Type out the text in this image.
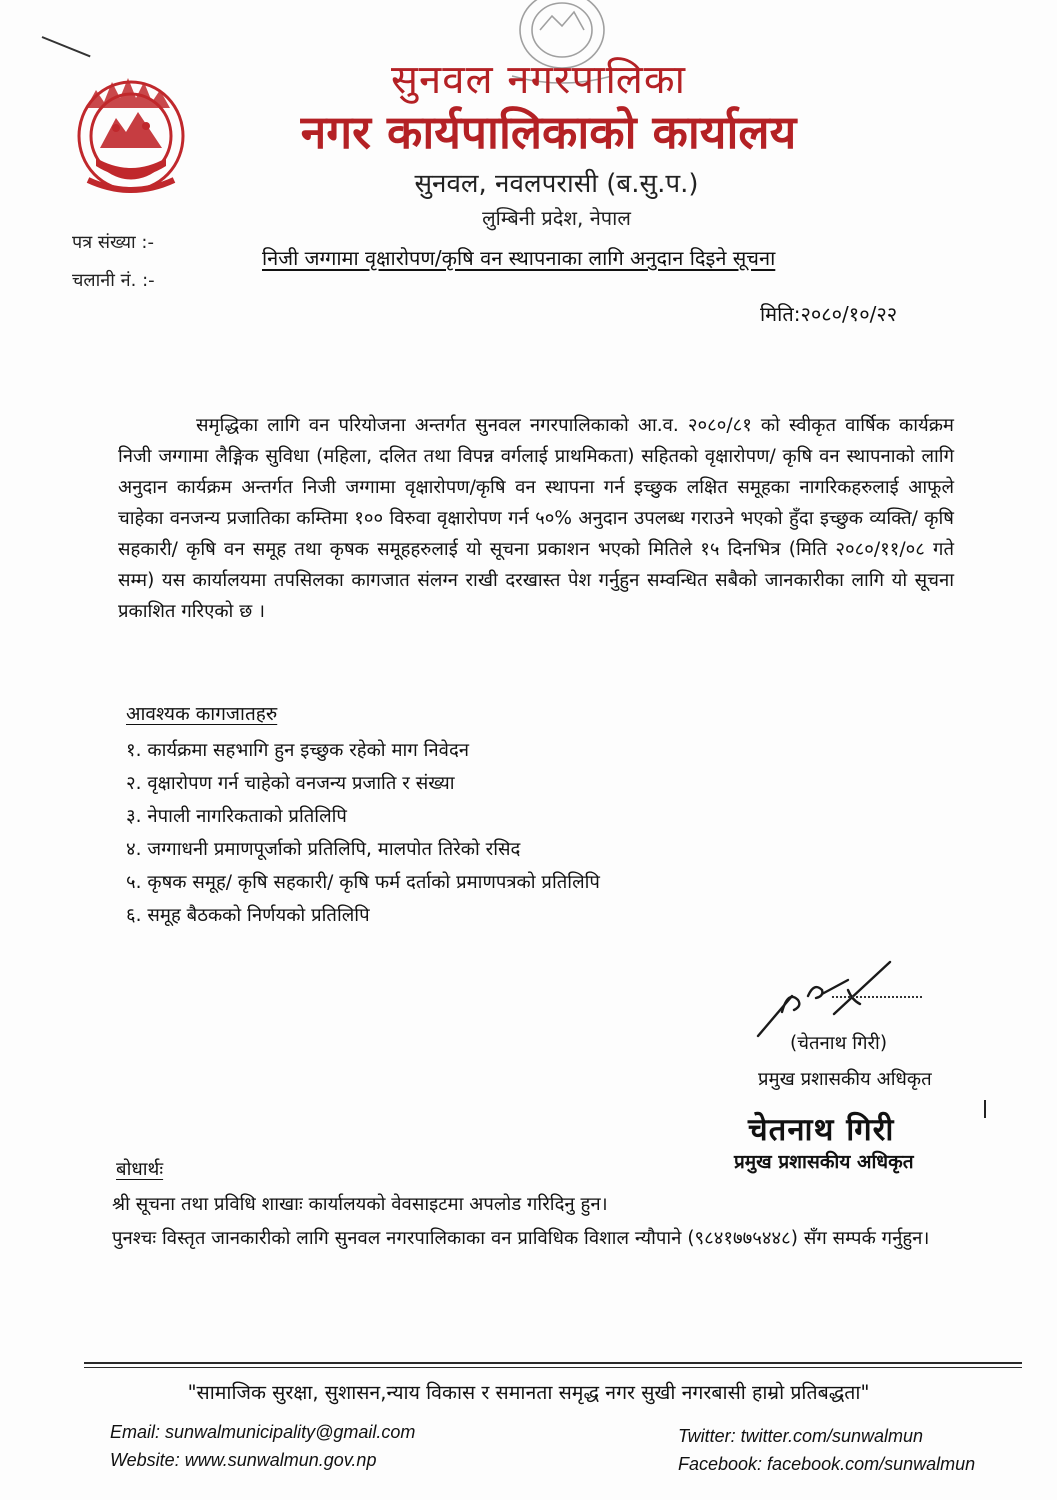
सुनवल नगरपालिका
नगर कार्यपालिकाको कार्यालय
सुनवल, नवलपरासी (ब.सु.प.)
लुम्बिनी प्रदेश, नेपाल
पत्र संख्या :-
चलानी नं. :-
निजी जग्गामा वृक्षारोपण/कृषि वन स्थापनाका लागि अनुदान दिइने सूचना
मिति:२०८०/१०/२२
समृद्धिका लागि वन परियोजना अन्तर्गत सुनवल नगरपालिकाको आ.व. २०८०/८१ को स्वीकृत वार्षिक कार्यक्रम निजी जग्गामा लैङ्गिक सुविधा (महिला, दलित तथा विपन्न वर्गलाई प्राथमिकता) सहितको वृक्षारोपण/ कृषि वन स्थापनाको लागि अनुदान कार्यक्रम अन्तर्गत निजी जग्गामा वृक्षारोपण/कृषि वन स्थापना गर्न इच्छुक लक्षित समूहका नागरिकहरुलाई आफूले चाहेका वनजन्य प्रजातिका कम्तिमा १०० विरुवा वृक्षारोपण गर्न ५०% अनुदान उपलब्ध गराउने भएको हुँदा इच्छुक व्यक्ति/ कृषि सहकारी/ कृषि वन समूह तथा कृषक समूहहरुलाई यो सूचना प्रकाशन भएको मितिले १५ दिनभित्र (मिति २०८०/११/०८ गते सम्म) यस कार्यालयमा तपसिलका कागजात संलग्न राखी दरखास्त पेश गर्नुहुन सम्वन्धित सबैको जानकारीका लागि यो सूचना प्रकाशित गरिएको छ ।
आवश्यक कागजातहरु
१. कार्यक्रमा सहभागि हुन इच्छुक रहेको माग निवेदन
२. वृक्षारोपण गर्न चाहेको वनजन्य प्रजाति र संख्या
३. नेपाली नागरिकताको प्रतिलिपि
४. जग्गाधनी प्रमाणपूर्जाको प्रतिलिपि, मालपोत तिरेको रसिद
५. कृषक समूह/ कृषि सहकारी/ कृषि फर्म दर्ताको प्रमाणपत्रको प्रतिलिपि
६. समूह बैठकको निर्णयको प्रतिलिपि
(चेतनाथ गिरी)
प्रमुख प्रशासकीय अधिकृत
चेतनाथ गिरी
प्रमुख प्रशासकीय अधिकृत
बोधार्थः
श्री सूचना तथा प्रविधि शाखाः कार्यालयको वेवसाइटमा अपलोड गरिदिनु हुन।
पुनश्चः विस्तृत जानकारीको लागि सुनवल नगरपालिकाका वन प्राविधिक विशाल न्यौपाने (९८४१७७५४४८) सँग सम्पर्क गर्नुहुन।
"सामाजिक सुरक्षा, सुशासन,न्याय विकास र समानता समृद्ध नगर सुखी नगरबासी हाम्रो प्रतिबद्धता"
Email: sunwalmunicipality@gmail.com
Website: www.sunwalmun.gov.np
Twitter: twitter.com/sunwalmun
Facebook: facebook.com/sunwalmun
